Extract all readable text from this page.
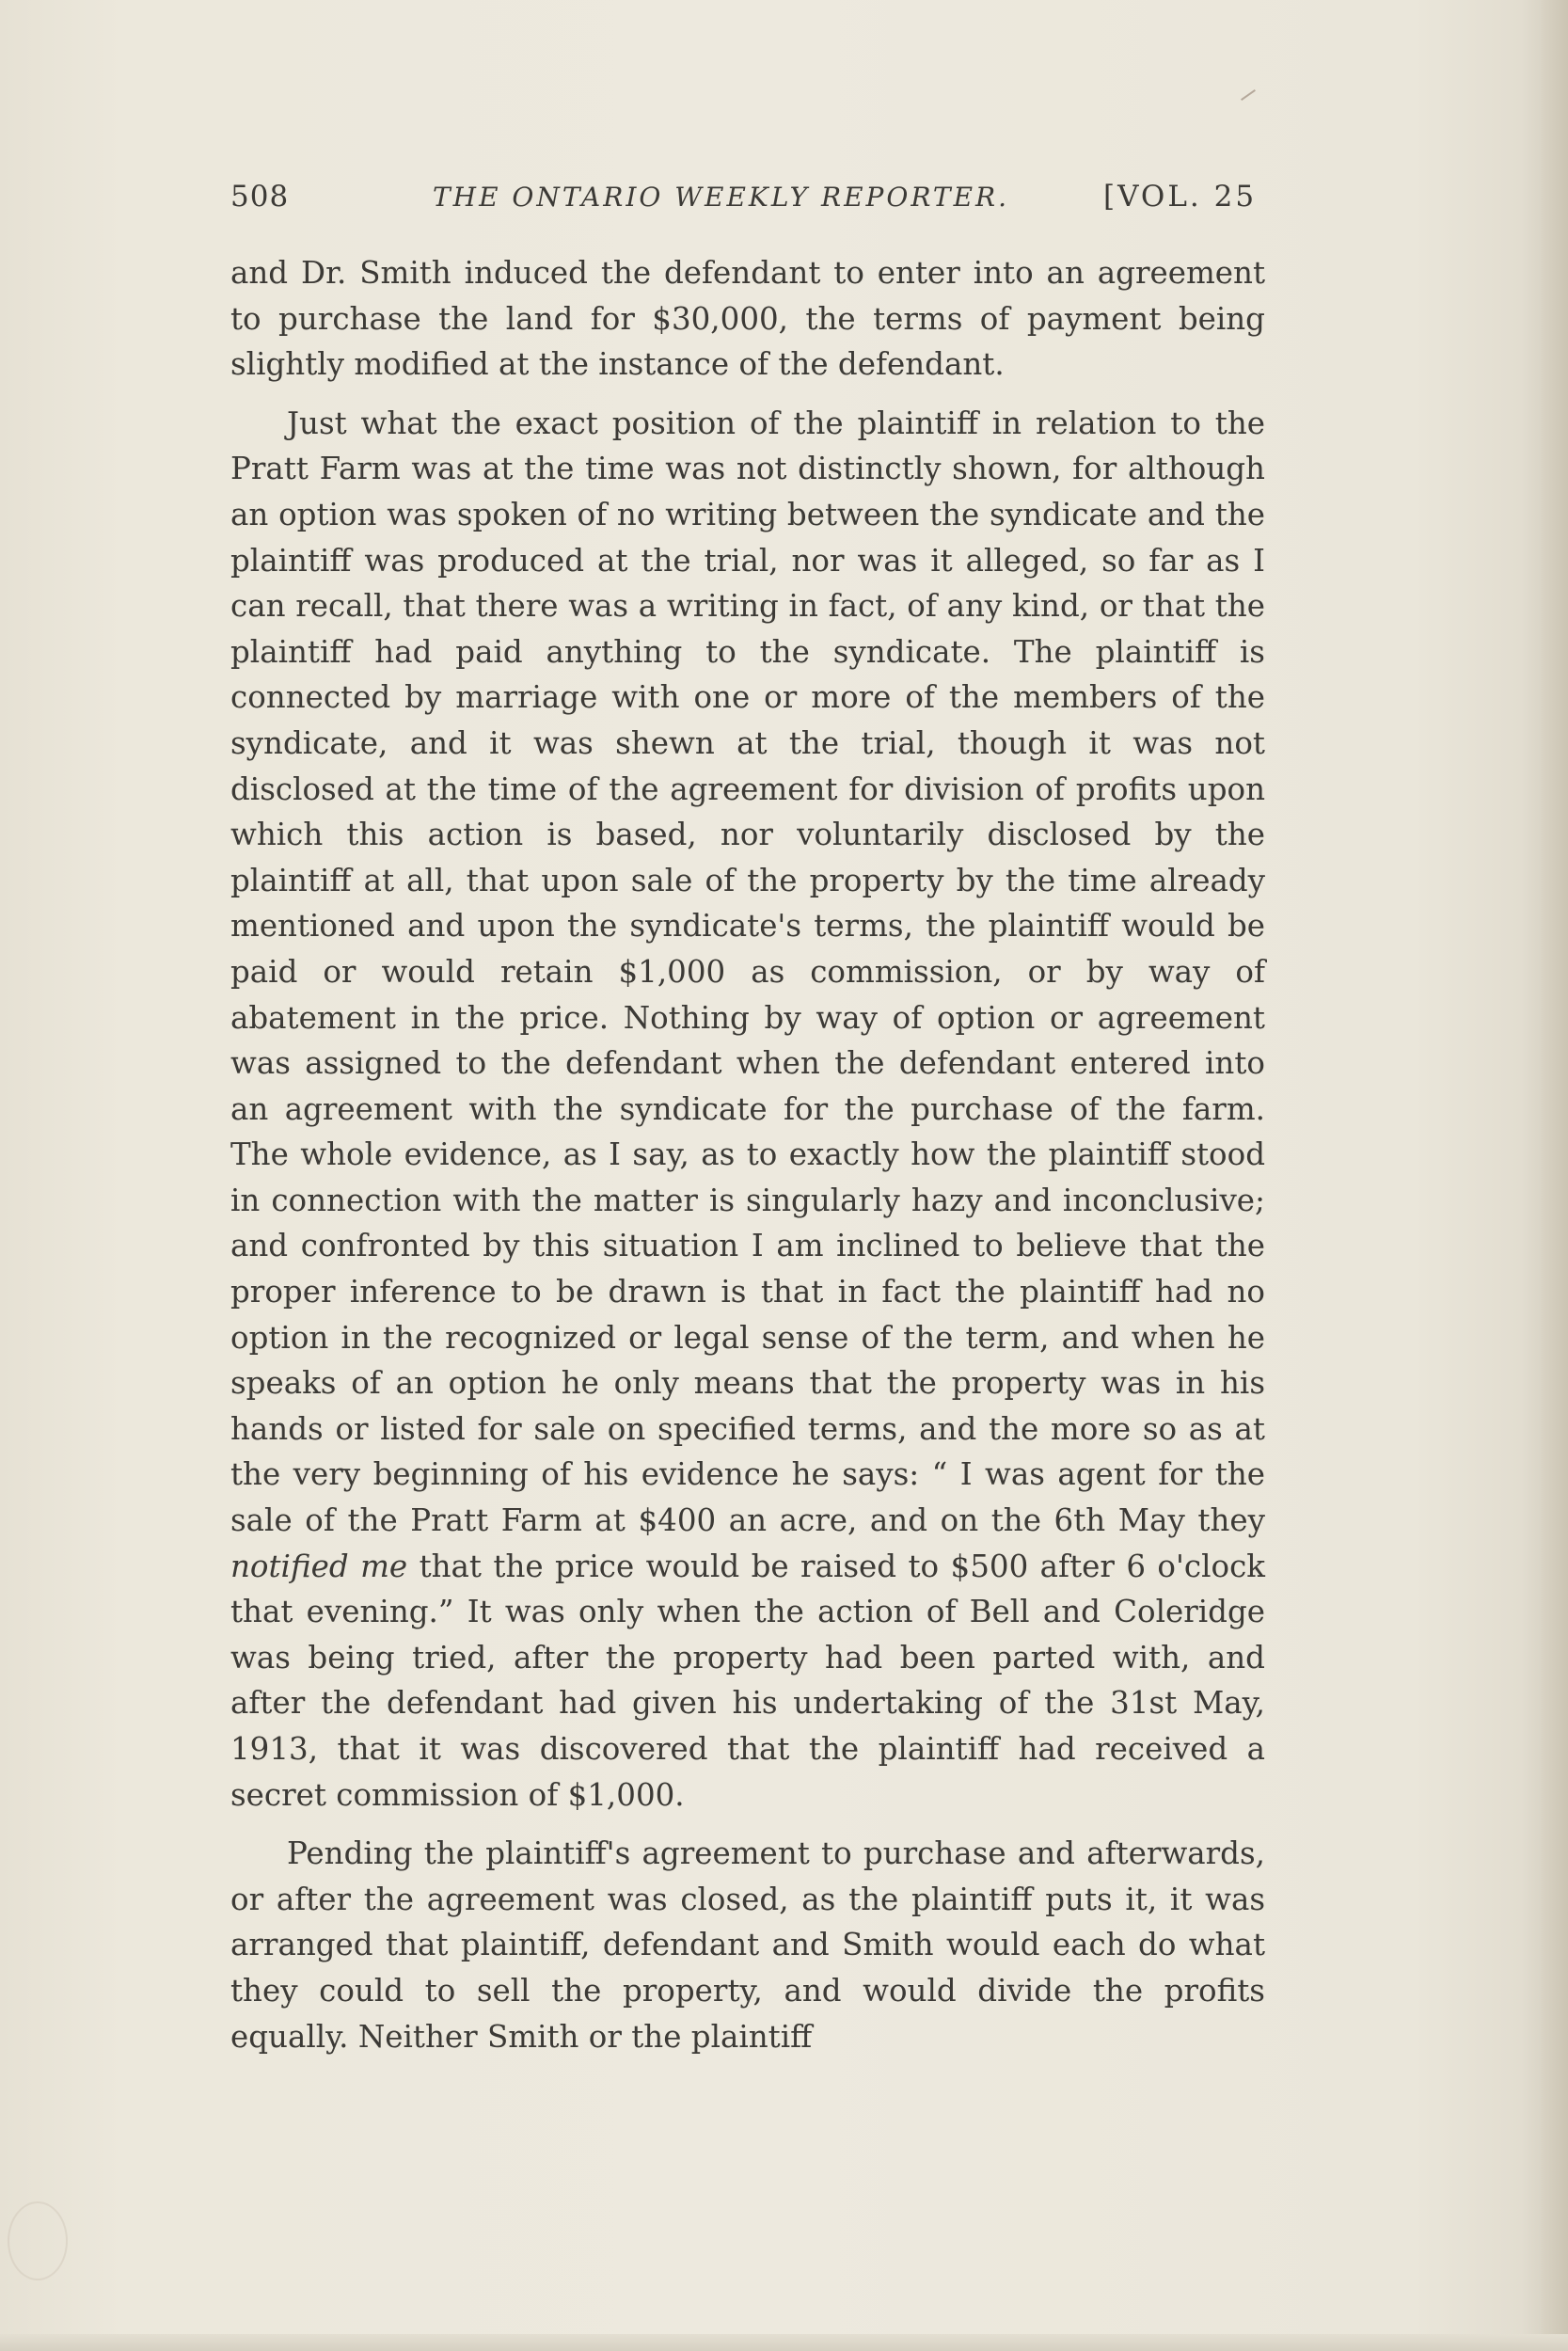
508	THE ONTARIO WEEKLY REPORTER.	[VOL. 25

and Dr. Smith induced the defendant to enter into an agreement to purchase the land for $30,000, the terms of payment being slightly modified at the instance of the defendant.

Just what the exact position of the plaintiff in relation to the Pratt Farm was at the time was not distinctly shown, for although an option was spoken of no writing between the syndicate and the plaintiff was produced at the trial, nor was it alleged, so far as I can recall, that there was a writing in fact, of any kind, or that the plaintiff had paid anything to the syndicate. The plaintiff is connected by marriage with one or more of the members of the syndicate, and it was shewn at the trial, though it was not disclosed at the time of the agreement for division of profits upon which this action is based, nor voluntarily disclosed by the plaintiff at all, that upon sale of the property by the time already mentioned and upon the syndicate's terms, the plaintiff would be paid or would retain $1,000 as commission, or by way of abatement in the price. Nothing by way of option or agreement was assigned to the defendant when the defendant entered into an agreement with the syndicate for the purchase of the farm. The whole evidence, as I say, as to exactly how the plaintiff stood in connection with the matter is singularly hazy and inconclusive; and confronted by this situation I am inclined to believe that the proper inference to be drawn is that in fact the plaintiff had no option in the recognized or legal sense of the term, and when he speaks of an option he only means that the property was in his hands or listed for sale on specified terms, and the more so as at the very beginning of his evidence he says: “ I was agent for the sale of the Pratt Farm at $400 an acre, and on the 6th May they notified me that the price would be raised to $500 after 6 o'clock that evening.” It was only when the action of Bell and Coleridge was being tried, after the property had been parted with, and after the defendant had given his undertaking of the 31st May, 1913, that it was discovered that the plaintiff had received a secret commission of $1,000.

Pending the plaintiff's agreement to purchase and afterwards, or after the agreement was closed, as the plaintiff puts it, it was arranged that plaintiff, defendant and Smith would each do what they could to sell the property, and would divide the profits equally. Neither Smith or the plaintiff
